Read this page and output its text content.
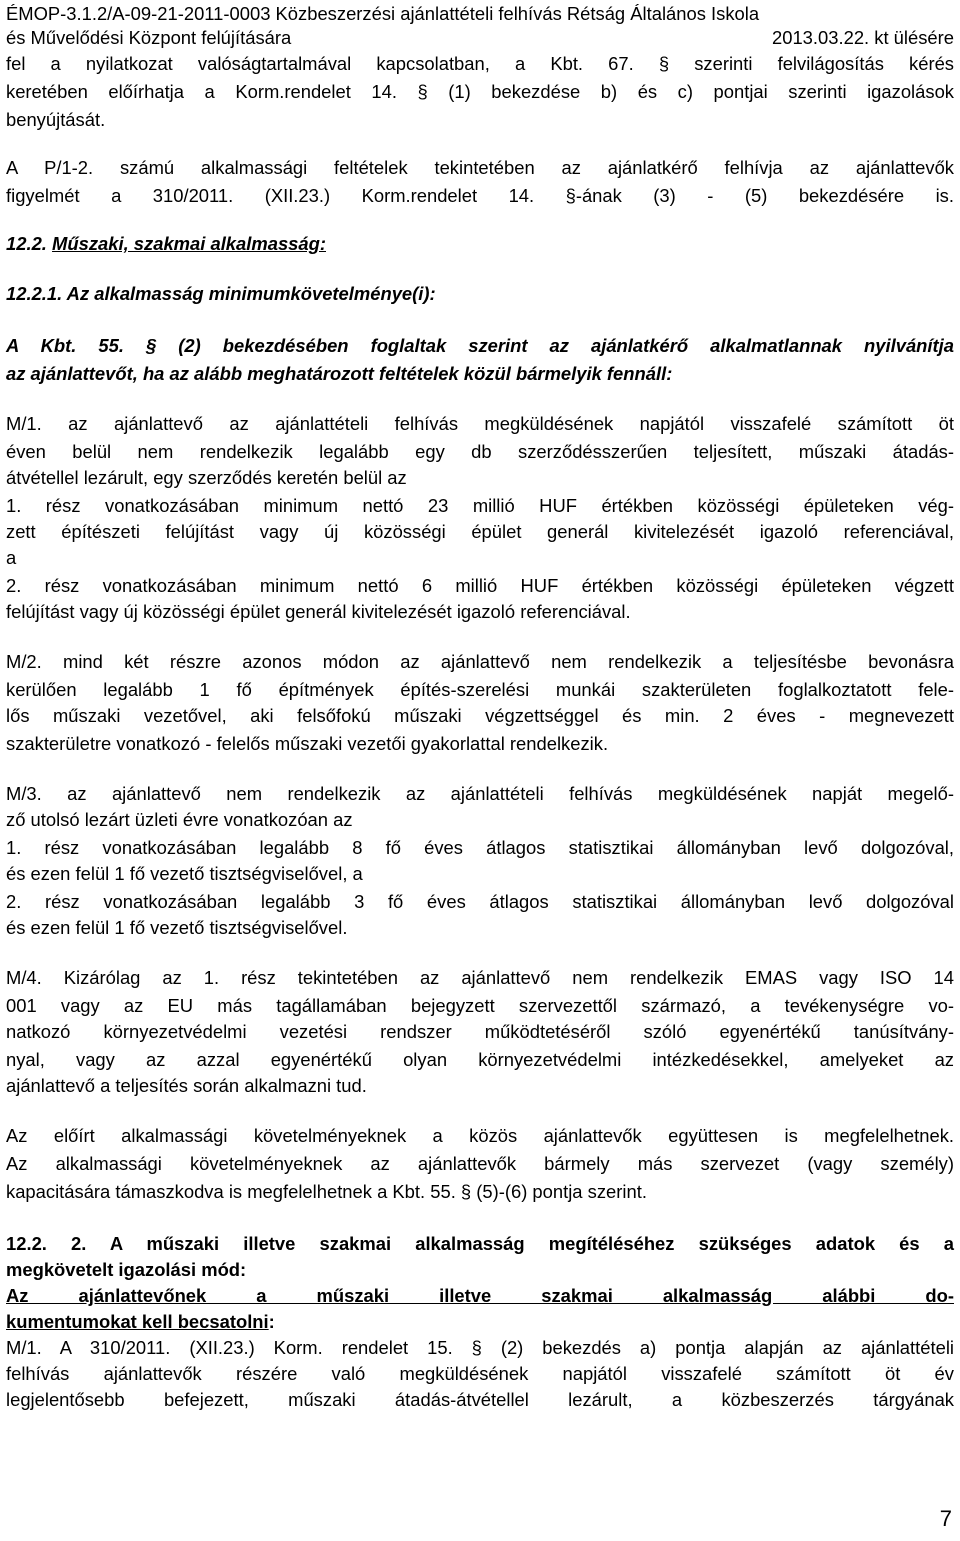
ÉMOP-3.1.2/A-09-21-2011-0003 Közbeszerzési ajánlattételi felhívás Rétság Általános Iskola
és Művelődési Központ felújítására	2013.03.22. kt ülésére
fel a nyilatkozat valóságtartalmával kapcsolatban, a Kbt. 67. § szerinti felvilágosítás kérés
keretében előírhatja a Korm.rendelet 14. § (1) bekezdése b) és c) pontjai szerinti igazolások
benyújtását.
A P/1-2. számú alkalmassági feltételek tekintetében az ajánlatkérő felhívja az ajánlattevők
figyelmét a 310/2011. (XII.23.) Korm.rendelet 14. §-ának (3) - (5) bekezdésére is.
12.2. Műszaki, szakmai alkalmasság:
12.2.1. Az alkalmasság minimumkövetelménye(i):
A Kbt. 55. § (2) bekezdésében foglaltak szerint az ajánlatkérő alkalmatlannak nyilvánítja
az ajánlattevőt, ha az alább meghatározott feltételek közül bármelyik fennáll:
M/1. az ajánlattevő az ajánlattételi felhívás megküldésének napjától visszafelé számított öt
éven belül nem rendelkezik legalább egy db szerződésszerűen teljesített, műszaki átadás-
átvétellel lezárult, egy szerződés keretén belül az
1. rész vonatkozásában minimum nettó 23 millió HUF értékben közösségi épületeken vég-
zett építészeti felújítást vagy új közösségi épület generál kivitelezését igazoló referenciával,
a
2. rész vonatkozásában minimum nettó 6 millió HUF értékben közösségi épületeken végzett
felújítást vagy új közösségi épület generál kivitelezését igazoló referenciával.
M/2. mind két részre azonos módon az ajánlattevő nem rendelkezik a teljesítésbe bevonásra
kerülően legalább 1 fő építmények építés-szerelési munkái szakterületen foglalkoztatott fele-
lős műszaki vezetővel, aki felsőfokú műszaki végzettséggel és min. 2 éves - megnevezett
szakterületre vonatkozó - felelős műszaki vezetői gyakorlattal rendelkezik.
M/3. az ajánlattevő nem rendelkezik az ajánlattételi felhívás megküldésének napját megelő-
ző utolsó lezárt üzleti évre vonatkozóan az
1. rész vonatkozásában legalább 8 fő éves átlagos statisztikai állományban levő dolgozóval,
és ezen felül 1 fő vezető tisztségviselővel, a
2. rész vonatkozásában legalább 3 fő éves átlagos statisztikai állományban levő dolgozóval
és ezen felül 1 fő vezető tisztségviselővel.
M/4. Kizárólag az 1. rész tekintetében az ajánlattevő nem rendelkezik EMAS vagy ISO 14
001 vagy az EU más tagállamában bejegyzett szervezettől származó, a tevékenységre vo-
natkozó környezetvédelmi vezetési rendszer működtetéséről szóló egyenértékű tanúsítvány-
nyal, vagy az azzal egyenértékű olyan környezetvédelmi intézkedésekkel, amelyeket az
ajánlattevő a teljesítés során alkalmazni tud.
Az előírt alkalmassági követelményeknek a közös ajánlattevők együttesen is megfelelhetnek.
Az alkalmassági követelményeknek az ajánlattevők bármely más szervezet (vagy személy)
kapacitására támaszkodva is megfelelhetnek a Kbt. 55. § (5)-(6) pontja szerint.
12.2. 2. A műszaki illetve szakmai alkalmasság megítéléséhez szükséges adatok és a
megkövetelt igazolási mód:
Az ajánlattevőnek a műszaki illetve szakmai alkalmasság alábbi do-
kumentumokat kell becsatolni:
M/1. A 310/2011. (XII.23.) Korm. rendelet 15. § (2) bekezdés a) pontja alapján az ajánlattételi
felhívás ajánlattevők részére való megküldésének napjától visszafelé számított öt év
legjelentősebb befejezett, műszaki átadás-átvétellel lezárult, a közbeszerzés tárgyának
7
